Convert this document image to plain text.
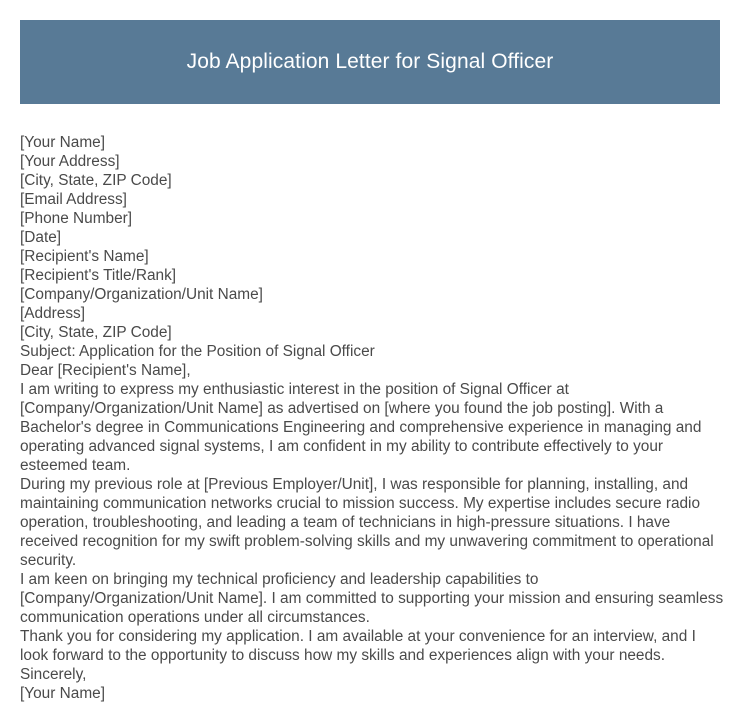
Job Application Letter for Signal Officer
[Your Name]
[Your Address]
[City, State, ZIP Code]
[Email Address]
[Phone Number]
[Date]
[Recipient's Name]
[Recipient's Title/Rank]
[Company/Organization/Unit Name]
[Address]
[City, State, ZIP Code]
Subject: Application for the Position of Signal Officer
Dear [Recipient's Name],
I am writing to express my enthusiastic interest in the position of Signal Officer at [Company/Organization/Unit Name] as advertised on [where you found the job posting]. With a Bachelor's degree in Communications Engineering and comprehensive experience in managing and operating advanced signal systems, I am confident in my ability to contribute effectively to your esteemed team.
During my previous role at [Previous Employer/Unit], I was responsible for planning, installing, and maintaining communication networks crucial to mission success. My expertise includes secure radio operation, troubleshooting, and leading a team of technicians in high-pressure situations. I have received recognition for my swift problem-solving skills and my unwavering commitment to operational security.
I am keen on bringing my technical proficiency and leadership capabilities to [Company/Organization/Unit Name]. I am committed to supporting your mission and ensuring seamless communication operations under all circumstances.
Thank you for considering my application. I am available at your convenience for an interview, and I look forward to the opportunity to discuss how my skills and experiences align with your needs.
Sincerely,
[Your Name]
